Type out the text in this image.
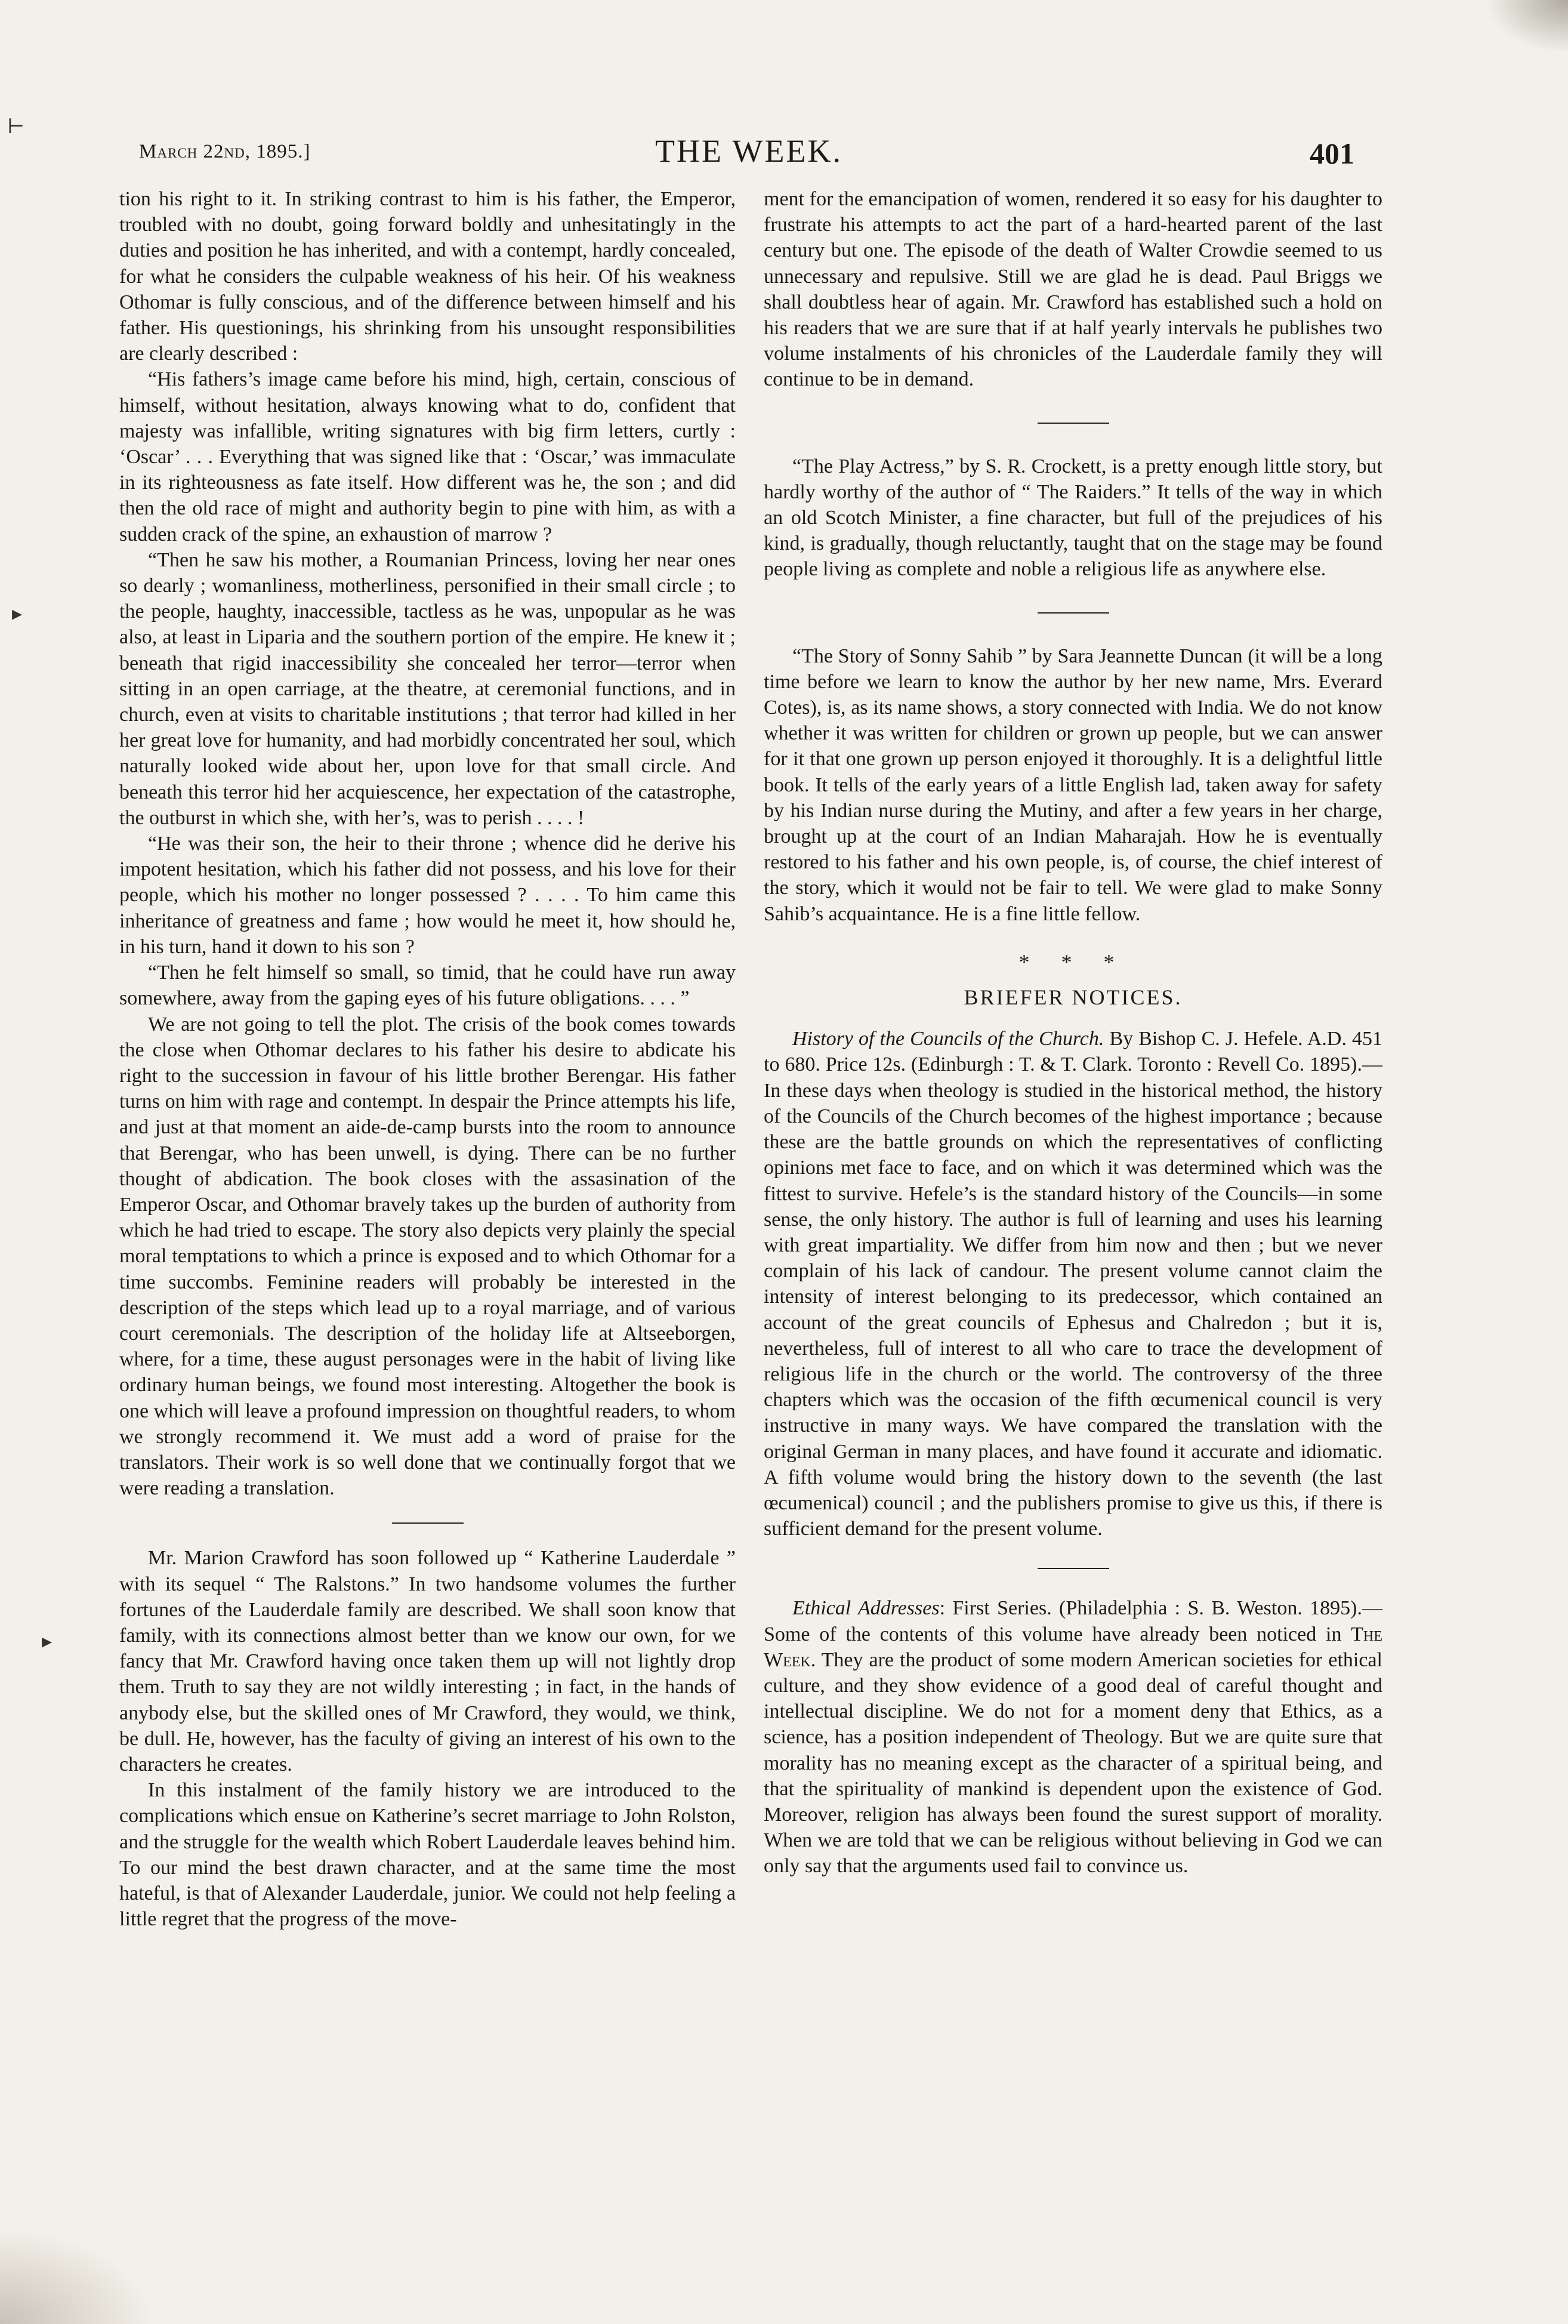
⊢
▸
▸
March 22nd, 1895.]	THE WEEK.	401

tion his right to it. In striking contrast to him is his father, the Emperor, troubled with no doubt, going forward boldly and unhesitatingly in the duties and position he has inherited, and with a contempt, hardly concealed, for what he considers the culpable weakness of his heir. Of his weakness Othomar is fully conscious, and of the difference between himself and his father. His questionings, his shrinking from his unsought responsibilities are clearly described :

“His fathers’s image came before his mind, high, certain, conscious of himself, without hesitation, always knowing what to do, confident that majesty was infallible, writing signatures with big firm letters, curtly : ‘Oscar’ . . . Everything that was signed like that : ‘Oscar,’ was immaculate in its righteousness as fate itself. How different was he, the son ; and did then the old race of might and authority begin to pine with him, as with a sudden crack of the spine, an exhaustion of marrow ?

“Then he saw his mother, a Roumanian Princess, loving her near ones so dearly ; womanliness, motherliness, personified in their small circle ; to the people, haughty, inaccessible, tactless as he was, unpopular as he was also, at least in Liparia and the southern portion of the empire. He knew it ; beneath that rigid inaccessibility she concealed her terror—terror when sitting in an open carriage, at the theatre, at ceremonial functions, and in church, even at visits to charitable institutions ; that terror had killed in her her great love for humanity, and had morbidly concentrated her soul, which naturally looked wide about her, upon love for that small circle. And beneath this terror hid her acquiescence, her expectation of the catastrophe, the outburst in which she, with her’s, was to perish . . . . !

“He was their son, the heir to their throne ; whence did he derive his impotent hesitation, which his father did not possess, and his love for their people, which his mother no longer possessed ? . . . . To him came this inheritance of greatness and fame ; how would he meet it, how should he, in his turn, hand it down to his son ?

“Then he felt himself so small, so timid, that he could have run away somewhere, away from the gaping eyes of his future obligations. . . . ”

We are not going to tell the plot. The crisis of the book comes towards the close when Othomar declares to his father his desire to abdicate his right to the succession in favour of his little brother Berengar. His father turns on him with rage and contempt. In despair the Prince attempts his life, and just at that moment an aide-de-camp bursts into the room to announce that Berengar, who has been unwell, is dying. There can be no further thought of abdication. The book closes with the assasination of the Emperor Oscar, and Othomar bravely takes up the burden of authority from which he had tried to escape. The story also depicts very plainly the special moral temptations to which a prince is exposed and to which Othomar for a time succombs. Feminine readers will probably be interested in the description of the steps which lead up to a royal marriage, and of various court ceremonials. The description of the holiday life at Altseeborgen, where, for a time, these august personages were in the habit of living like ordinary human beings, we found most interesting. Altogether the book is one which will leave a profound impression on thoughtful readers, to whom we strongly recommend it. We must add a word of praise for the translators. Their work is so well done that we continually forgot that we were reading a translation.

Mr. Marion Crawford has soon followed up “ Katherine Lauderdale ” with its sequel “ The Ralstons.” In two handsome volumes the further fortunes of the Lauderdale family are described. We shall soon know that family, with its connections almost better than we know our own, for we fancy that Mr. Crawford having once taken them up will not lightly drop them. Truth to say they are not wildly interesting ; in fact, in the hands of anybody else, but the skilled ones of Mr Crawford, they would, we think, be dull. He, however, has the faculty of giving an interest of his own to the characters he creates.

In this instalment of the family history we are introduced to the complications which ensue on Katherine’s secret marriage to John Rolston, and the struggle for the wealth which Robert Lauderdale leaves behind him. To our mind the best drawn character, and at the same time the most hateful, is that of Alexander Lauderdale, junior. We could not help feeling a little regret that the progress of the move-

ment for the emancipation of women, rendered it so easy for his daughter to frustrate his attempts to act the part of a hard-hearted parent of the last century but one. The episode of the death of Walter Crowdie seemed to us unnecessary and repulsive. Still we are glad he is dead. Paul Briggs we shall doubtless hear of again. Mr. Crawford has established such a hold on his readers that we are sure that if at half yearly intervals he publishes two volume instalments of his chronicles of the Lauderdale family they will continue to be in demand.

“The Play Actress,” by S. R. Crockett, is a pretty enough little story, but hardly worthy of the author of “ The Raiders.” It tells of the way in which an old Scotch Minister, a fine character, but full of the prejudices of his kind, is gradually, though reluctantly, taught that on the stage may be found people living as complete and noble a religious life as anywhere else.

“The Story of Sonny Sahib ” by Sara Jeannette Duncan (it will be a long time before we learn to know the author by her new name, Mrs. Everard Cotes), is, as its name shows, a story connected with India. We do not know whether it was written for children or grown up people, but we can answer for it that one grown up person enjoyed it thoroughly. It is a delightful little book. It tells of the early years of a little English lad, taken away for safety by his Indian nurse during the Mutiny, and after a few years in her charge, brought up at the court of an Indian Maharajah. How he is eventually restored to his father and his own people, is, of course, the chief interest of the story, which it would not be fair to tell. We were glad to make Sonny Sahib’s acquaintance. He is a fine little fellow.

* * *
BRIEFER NOTICES.

History of the Councils of the Church. By Bishop C. J. Hefele. A.D. 451 to 680. Price 12s. (Edinburgh : T. & T. Clark. Toronto : Revell Co. 1895).—In these days when theology is studied in the historical method, the history of the Councils of the Church becomes of the highest importance ; because these are the battle grounds on which the representatives of conflicting opinions met face to face, and on which it was determined which was the fittest to survive. Hefele’s is the standard history of the Councils—in some sense, the only history. The author is full of learning and uses his learning with great impartiality. We differ from him now and then ; but we never complain of his lack of candour. The present volume cannot claim the intensity of interest belonging to its predecessor, which contained an account of the great councils of Ephesus and Chalredon ; but it is, nevertheless, full of interest to all who care to trace the development of religious life in the church or the world. The controversy of the three chapters which was the occasion of the fifth œcumenical council is very instructive in many ways. We have compared the translation with the original German in many places, and have found it accurate and idiomatic. A fifth volume would bring the history down to the seventh (the last œcumenical) council ; and the publishers promise to give us this, if there is sufficient demand for the present volume.

Ethical Addresses: First Series. (Philadelphia : S. B. Weston. 1895).—Some of the contents of this volume have already been noticed in The Week. They are the product of some modern American societies for ethical culture, and they show evidence of a good deal of careful thought and intellectual discipline. We do not for a moment deny that Ethics, as a science, has a position independent of Theology. But we are quite sure that morality has no meaning except as the character of a spiritual being, and that the spirituality of mankind is dependent upon the existence of God. Moreover, religion has always been found the surest support of morality. When we are told that we can be religious without believing in God we can only say that the arguments used fail to convince us.
